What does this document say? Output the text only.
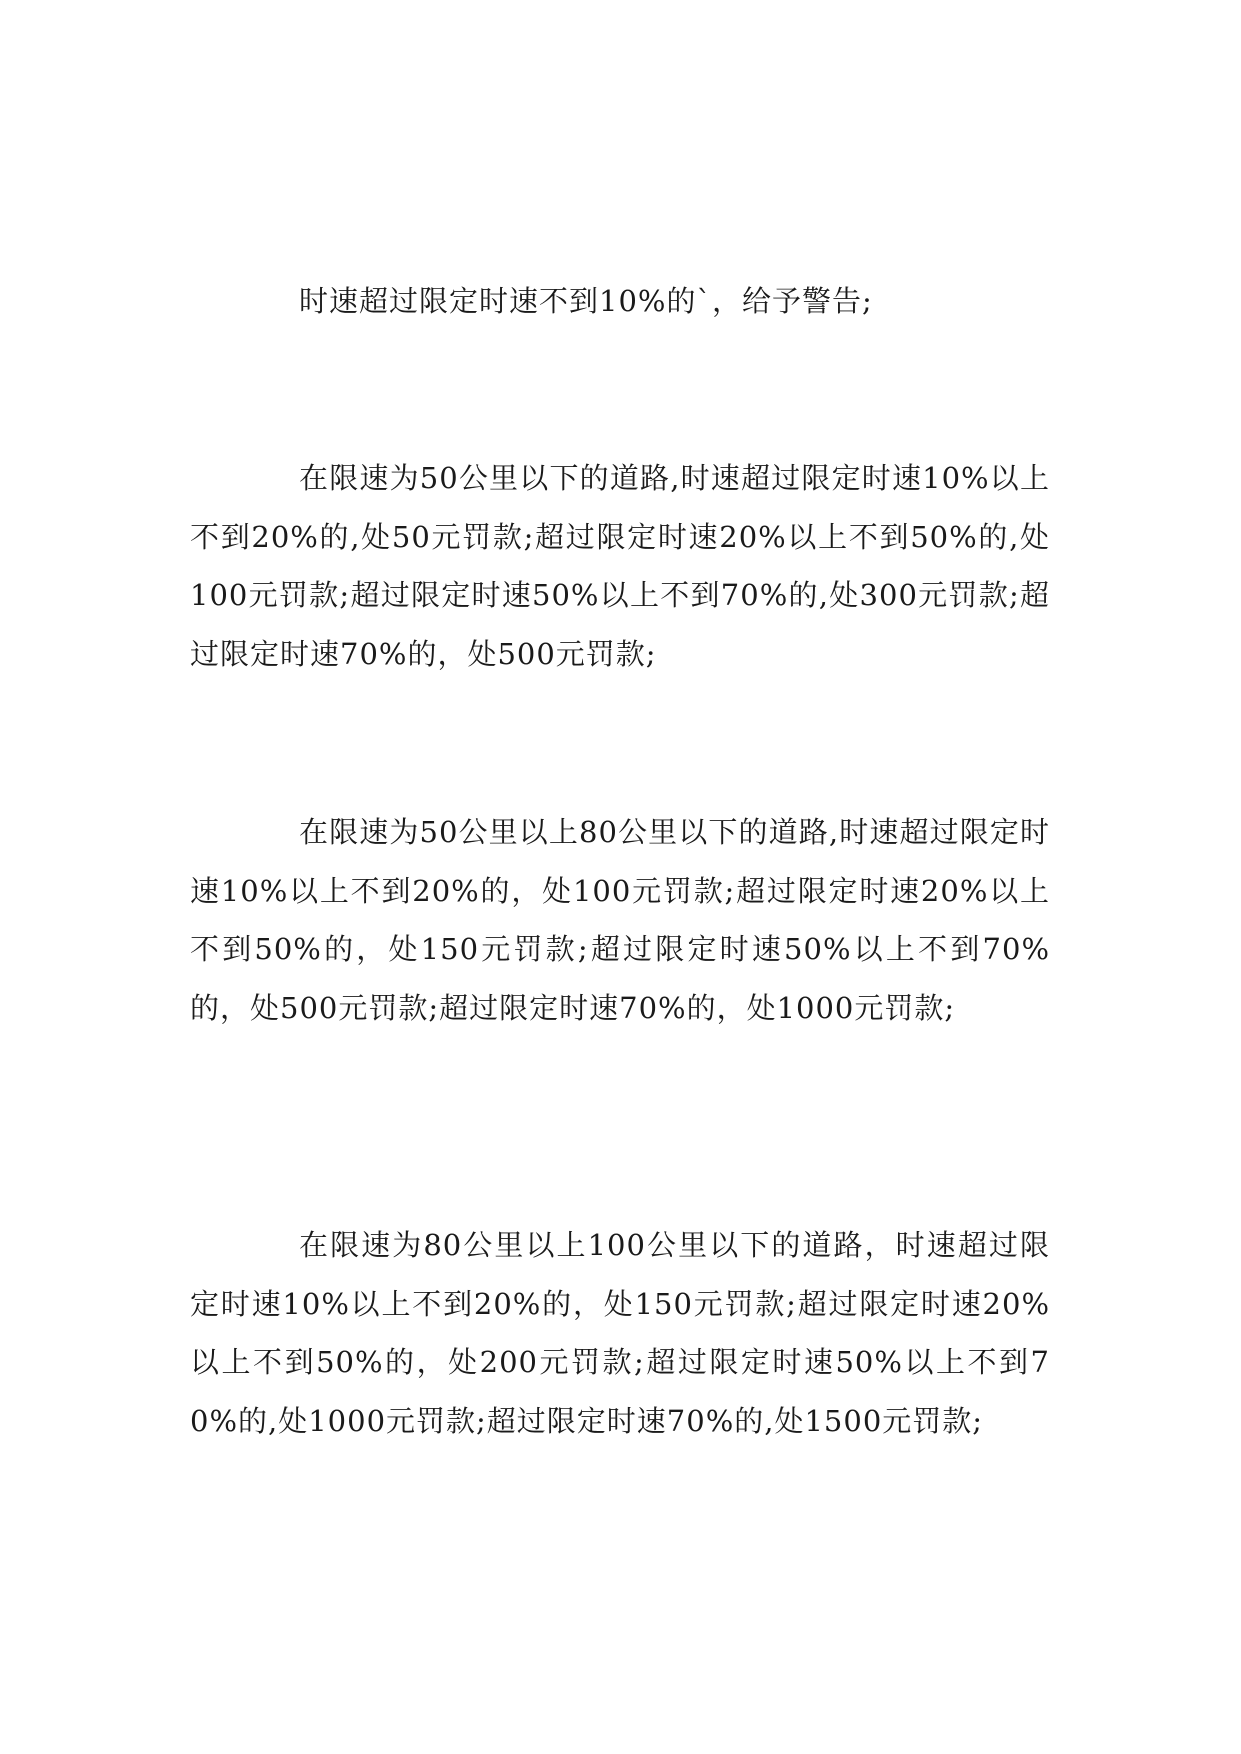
时速超过限定时速不到10%的`，给予警告;

在限速为50公里以下的道路,时速超过限定时速10%以上不到20%的,处50元罚款;超过限定时速20%以上不到50%的,处100元罚款;超过限定时速50%以上不到70%的,处300元罚款;超过限定时速70%的，处500元罚款;

在限速为50公里以上80公里以下的道路,时速超过限定时速10%以上不到20%的，处100元罚款;超过限定时速20%以上不到50%的，处150元罚款;超过限定时速50%以上不到70%的，处500元罚款;超过限定时速70%的，处1000元罚款;

在限速为80公里以上100公里以下的道路，时速超过限定时速10%以上不到20%的，处150元罚款;超过限定时速20%以上不到50%的，处200元罚款;超过限定时速50%以上不到70%的,处1000元罚款;超过限定时速70%的,处1500元罚款;
